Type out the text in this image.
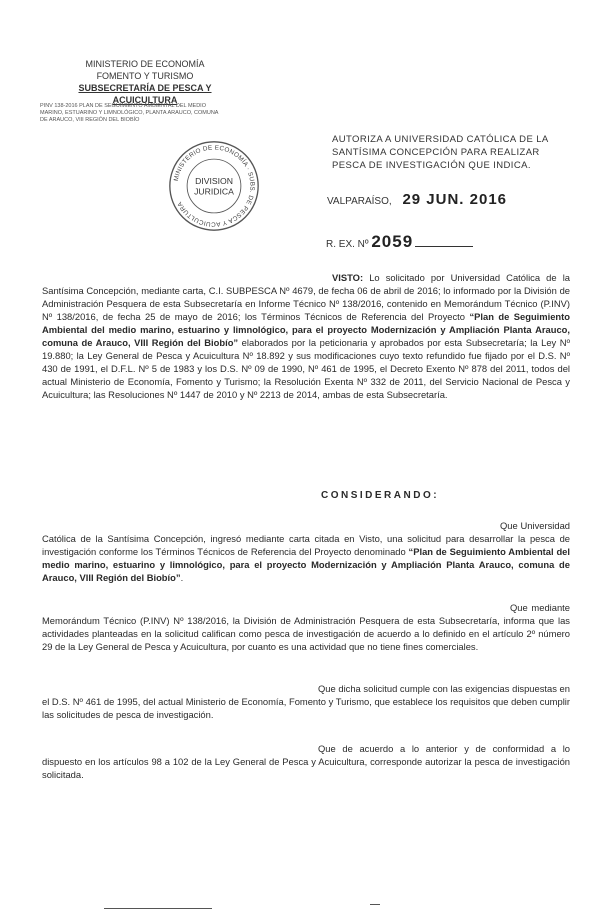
MINISTERIO DE ECONOMÍA
FOMENTO Y TURISMO
SUBSECRETARÍA DE PESCA Y ACUICULTURA
PINV 138-2016 PLAN DE SEGUIMIENTO AMBIENTAL DEL MEDIO
MARINO, ESTUARINO Y LIMNOLÓGICO, PLANTA ARAUCO, COMUNA
DE ARAUCO, VIII REGIÓN DEL BIOBÍO
MINISTERIO DE ECONOMÍA · SUBS. DE PESCA Y ACUICULTURA
DIVISION
JURIDICA
AUTORIZA A UNIVERSIDAD CATÓLICA DE LA SANTÍSIMA CONCEPCIÓN PARA REALIZAR PESCA DE INVESTIGACIÓN QUE INDICA.
VALPARAÍSO, 29 JUN. 2016
R. EX. Nº 2059
VISTO: Lo solicitado por Universidad Católica de la Santísima Concepción, mediante carta, C.I. SUBPESCA Nº 4679, de fecha 06 de abril de 2016; lo informado por la División de Administración Pesquera de esta Subsecretaría en Informe Técnico Nº 138/2016, contenido en Memorándum Técnico (P.INV) Nº 138/2016, de fecha 25 de mayo de 2016; los Términos Técnicos de Referencia del Proyecto “Plan de Seguimiento Ambiental del medio marino, estuarino y limnológico, para el proyecto Modernización y Ampliación Planta Arauco, comuna de Arauco, VIII Región del Biobío” elaborados por la peticionaria y aprobados por esta Subsecretaría; la Ley Nº 19.880; la Ley General de Pesca y Acuicultura Nº 18.892 y sus modificaciones cuyo texto refundido fue fijado por el D.S. Nº 430 de 1991, el D.F.L. Nº 5 de 1983 y los D.S. Nº 09 de 1990, Nº 461 de 1995, el Decreto Exento Nº 878 del 2011, todos del actual Ministerio de Economía, Fomento y Turismo; la Resolución Exenta Nº 332 de 2011, del Servicio Nacional de Pesca y Acuicultura; las Resoluciones Nº 1447 de 2010 y Nº 2213 de 2014, ambas de esta Subsecretaría.
CONSIDERANDO:
Que Universidad Católica de la Santísima Concepción, ingresó mediante carta citada en Visto, una solicitud para desarrollar la pesca de investigación conforme los Términos Técnicos de Referencia del Proyecto denominado “Plan de Seguimiento Ambiental del medio marino, estuarino y limnológico, para el proyecto Modernización y Ampliación Planta Arauco, comuna de Arauco, VIII Región del Biobío”.
Que mediante Memorándum Técnico (P.INV) Nº 138/2016, la División de Administración Pesquera de esta Subsecretaría, informa que las actividades planteadas en la solicitud califican como pesca de investigación de acuerdo a lo definido en el artículo 2º número 29 de la Ley General de Pesca y Acuicultura, por cuanto es una actividad que no tiene fines comerciales.
Que dicha solicitud cumple con las exigencias dispuestas en el D.S. Nº 461 de 1995, del actual Ministerio de Economía, Fomento y Turismo, que establece los requisitos que deben cumplir las solicitudes de pesca de investigación.
Que de acuerdo a lo anterior y de conformidad a lo dispuesto en los artículos 98 a 102 de la Ley General de Pesca y Acuicultura, corresponde autorizar la pesca de investigación solicitada.
